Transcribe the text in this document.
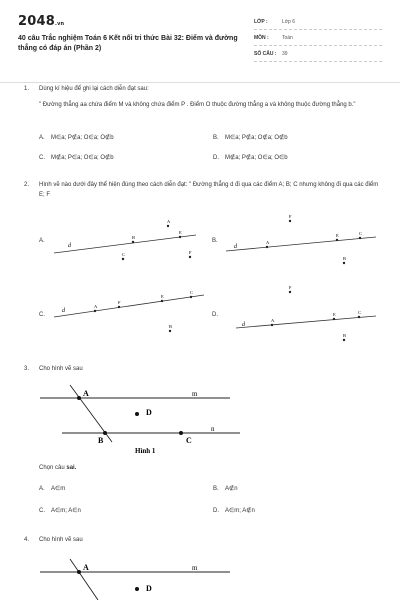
2048.vn
40 câu Trắc nghiệm Toán 6 Kết nối tri thức Bài 32: Điểm và đường thẳng có đáp án (Phần 2)
LỚP :	Lớp 6
MÔN :	Toán
SỐ CÂU :	39
1. Dùng kí hiệu để ghi lại cách diễn đạt sau:
" Đường thẳng aa chứa điểm M và không chứa điểm P . Điểm O thuộc đường thẳng a và không thuộc đường thẳng b."
A. M∈a; P∉a; O∈a; O∉b	B. M∈a; P∉a; O∉a; O∉b
C. M∉a; P∈a; O∈a; O∉b	D. M∉a; P∉a; O∈a; O∈b
2. Hình vẽ nào dưới đây thể hiện đúng theo cách diễn đạt: " Đường thẳng d đi qua các điểm A; B; C nhưng không đi qua các điểm E; F
A.
d
B
E
A
C	F
B.
d
A
F
E	C
B
C.
d
A
F
E
C
B
D.
d
A
E	C
F
B
3. Cho hình vẽ sau
m
n
A
B	C
D
Hình 1
Chọn câu sai.
A. A∈m	B. A∉n
C. A∈m; A∈n	D. A∈m; A∉n
4. Cho hình vẽ sau
m
A
D
